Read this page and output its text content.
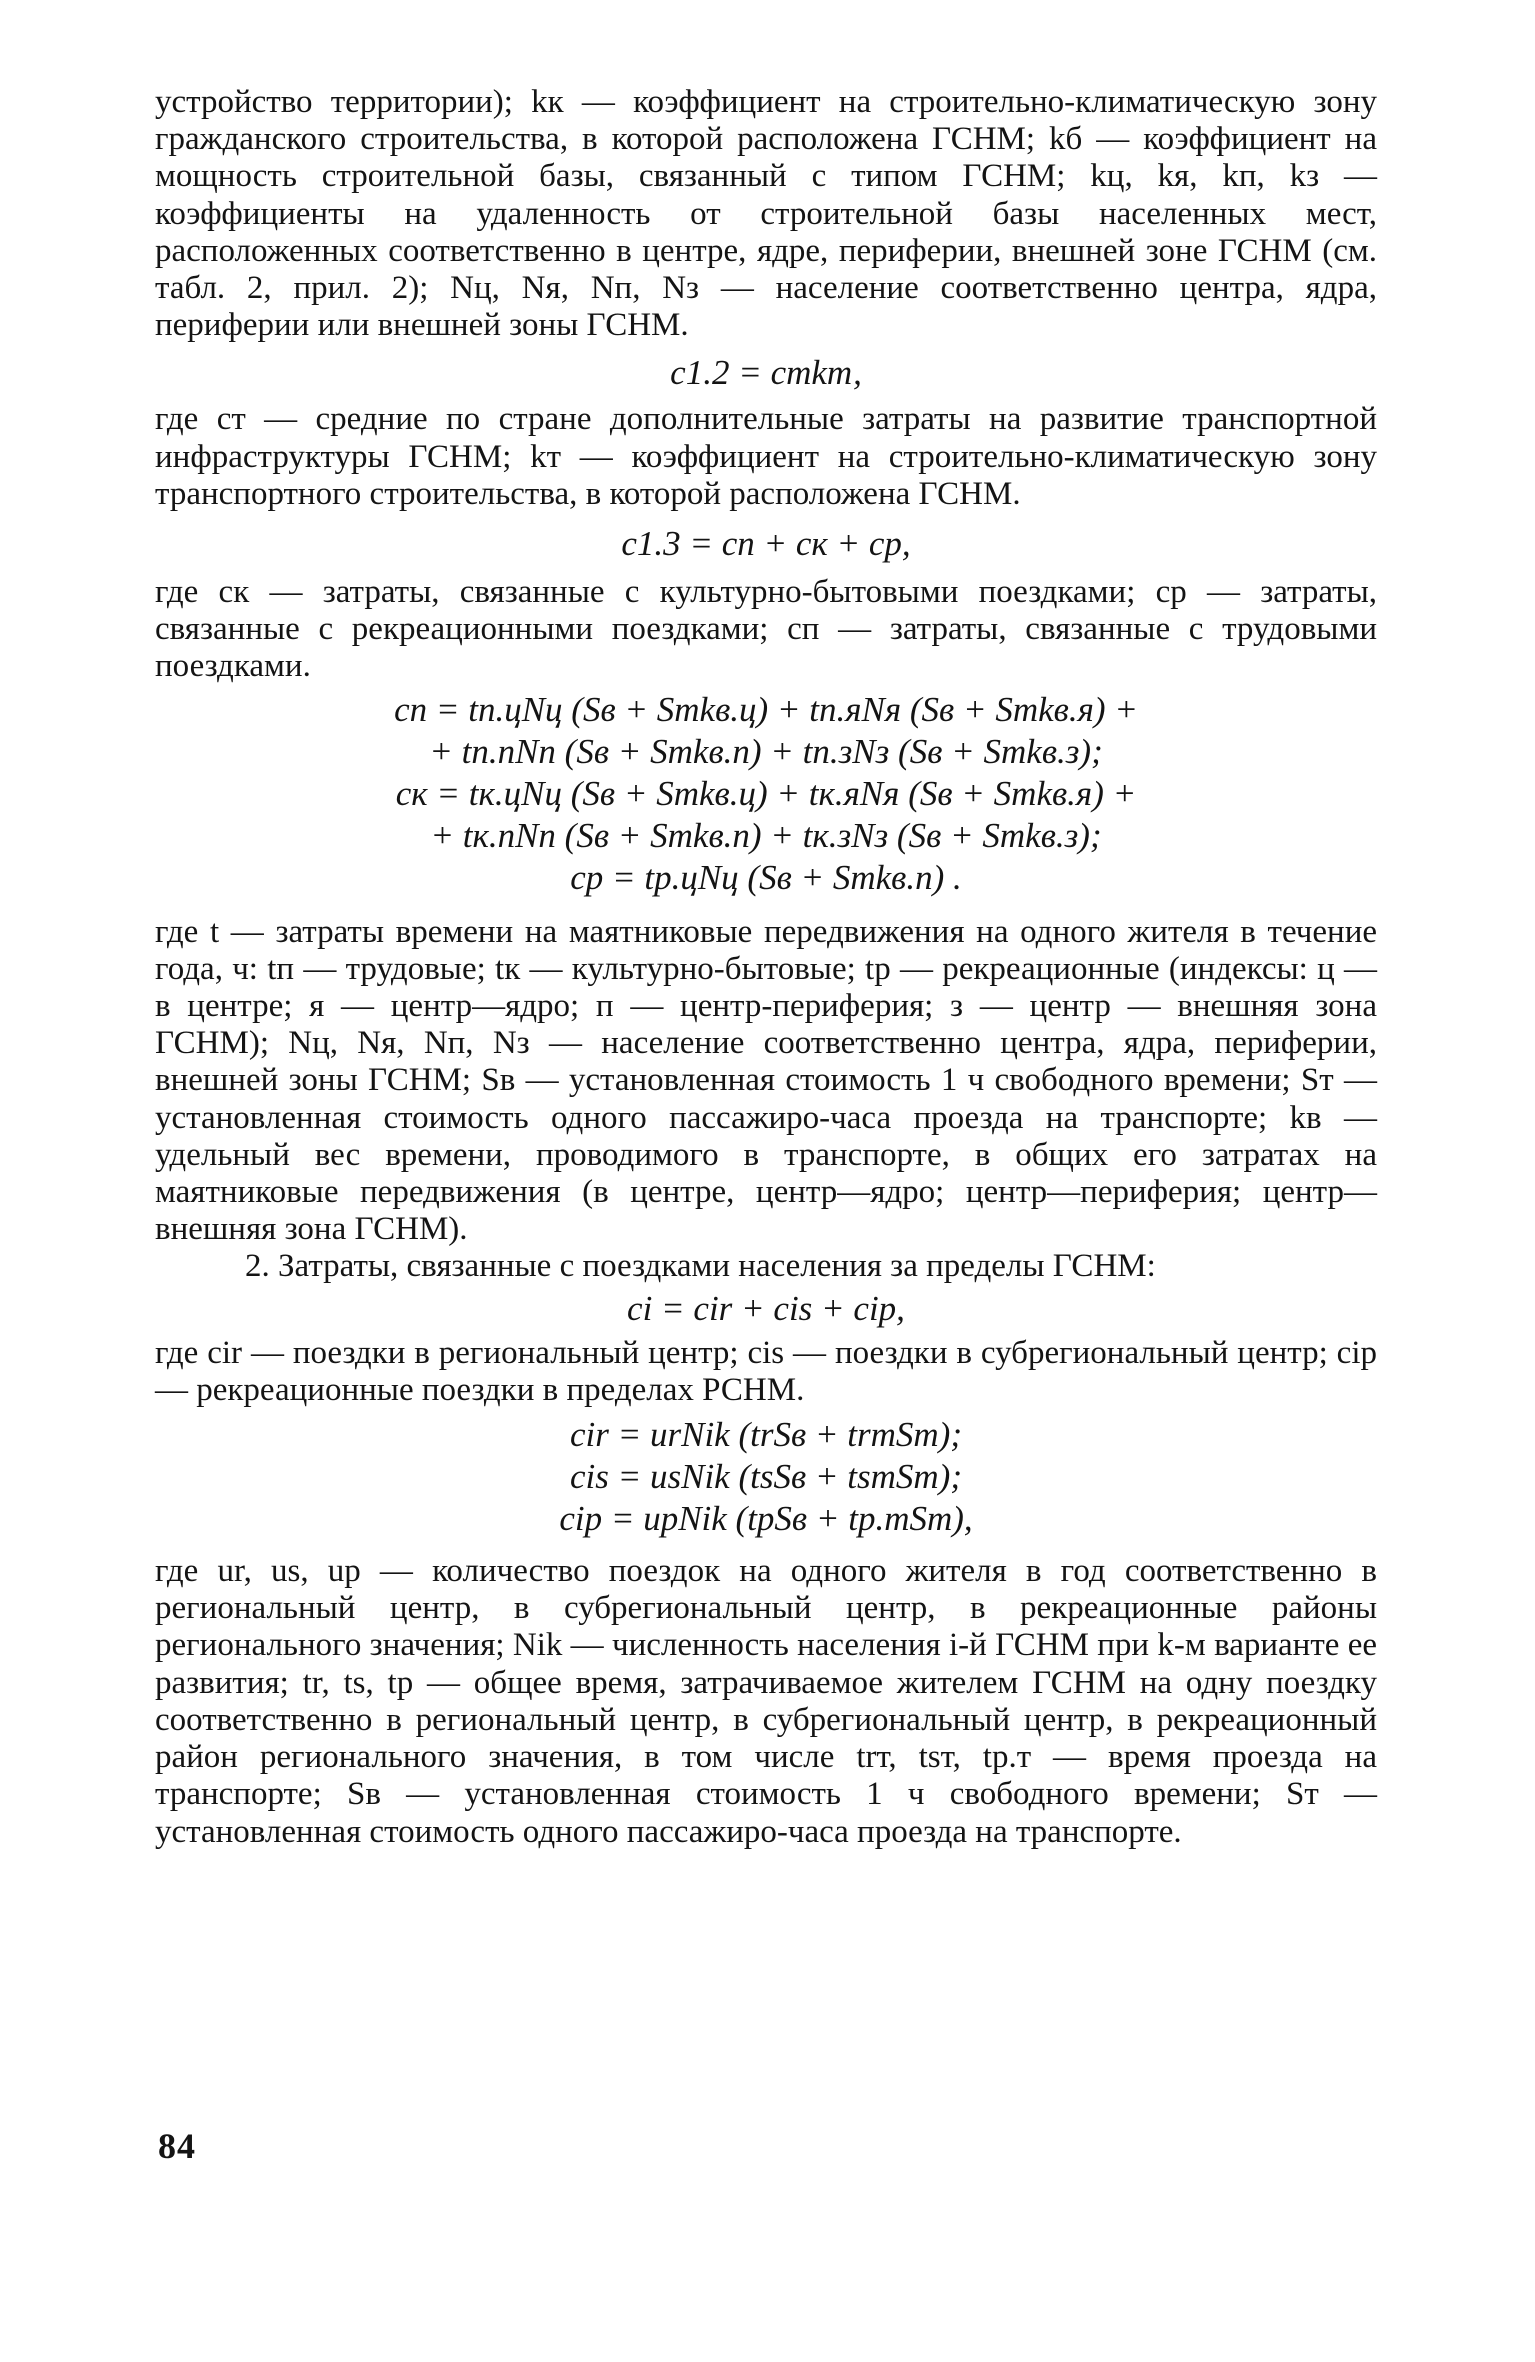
устройство территории); kк — коэффициент на строительно-климатическую зону гражданского строительства, в которой расположена ГСНМ; kб — коэффициент на мощность строительной базы, связанный с типом ГСНМ; kц, kя, kп, kз — коэффициенты на удаленность от строительной базы населенных мест, расположенных соответственно в центре, ядре, периферии, внешней зоне ГСНМ (см. табл. 2, прил. 2); Nц, Nя, Nп, Nз — население соответственно центра, ядра, периферии или внешней зоны ГСНМ.

c1.2 = cтkт,

где cт — средние по стране дополнительные затраты на развитие транспортной инфраструктуры ГСНМ; kт — коэффициент на строительно-климатическую зону транспортного строительства, в которой расположена ГСНМ.

c1.3 = cп + cк + cр,

где cк — затраты, связанные с культурно-бытовыми поездками; cр — затраты, связанные с рекреационными поездками; cп — затраты, связанные с трудовыми поездками.

cп = tп.цNц (Sв + Sтkв.ц) + tп.яNя (Sв + Sтkв.я) +
+ tп.пNп (Sв + Sтkв.п) + tп.зNз (Sв + Sтkв.з);
cк = tк.цNц (Sв + Sтkв.ц) + tк.яNя (Sв + Sтkв.я) +
+ tк.пNп (Sв + Sтkв.п) + tк.зNз (Sв + Sтkв.з);
cр = tр.цNц (Sв + Sтkв.п) .

где t — затраты времени на маятниковые передвижения на одного жителя в течение года, ч: tп — трудовые; tк — культурно-бытовые; tр — рекреационные (индексы: ц — в центре; я — центр—ядро; п — центр-периферия; з — центр — внешняя зона ГСНМ); Nц, Nя, Nп, Nз — население соответственно центра, ядра, периферии, внешней зоны ГСНМ; Sв — установленная стоимость 1 ч свободного времени; Sт — установленная стоимость одного пассажиро-часа проезда на транспорте; kв — удельный вес времени, проводимого в транспорте, в общих его затратах на маятниковые передвижения (в центре, центр—ядро; центр—периферия; центр—внешняя зона ГСНМ).

2. Затраты, связанные с поездками населения за пределы ГСНМ:

ci = cir + cis + cip,

где cir — поездки в региональный центр; cis — поездки в субрегиональный центр; cip — рекреационные поездки в пределах РСНМ.

cir = urNik (trSв + trтSт);
cis = usNik (tsSв + tsтSт);
cip = upNik (tpSв + tp.тSт),

где ur, us, up — количество поездок на одного жителя в год соответственно в региональный центр, в субрегиональный центр, в рекреационные районы регионального значения; Nik — численность населения i-й ГСНМ при k-м варианте ее развития; tr, ts, tp — общее время, затрачиваемое жителем ГСНМ на одну поездку соответственно в региональный центр, в субрегиональный центр, в рекреационный район регионального значения, в том числе trт, tsт, tp.т — время проезда на транспорте; Sв — установленная стоимость 1 ч свободного времени; Sт — установленная стоимость одного пассажиро-часа проезда на транспорте.

84
